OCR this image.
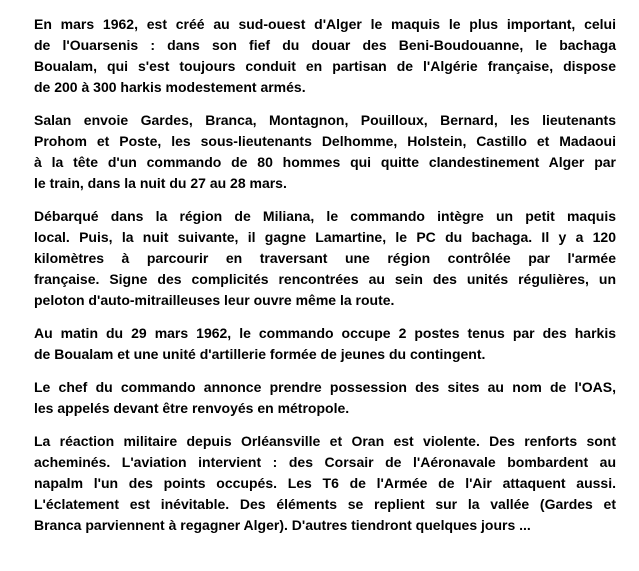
En mars 1962, est créé au sud-ouest d'Alger le maquis le plus important, celui
de l'Ouarsenis : dans son fief du douar des Beni-Boudouanne, le bachaga
Boualam, qui s'est toujours conduit en partisan de l'Algérie française, dispose
de 200 à 300 harkis modestement armés.

Salan envoie Gardes, Branca, Montagnon, Pouilloux, Bernard, les lieutenants
Prohom et Poste, les sous-lieutenants Delhomme, Holstein, Castillo et Madaoui
à la tête d'un commando de 80 hommes qui quitte clandestinement Alger par
le train, dans la nuit du 27 au 28 mars.

Débarqué dans la région de Miliana, le commando intègre un petit maquis
local. Puis, la nuit suivante, il gagne Lamartine, le PC du bachaga. Il y a 120
kilomètres à parcourir en traversant une région contrôlée par l'armée
française. Signe des complicités rencontrées au sein des unités régulières, un
peloton d'auto-mitrailleuses leur ouvre même la route.

Au matin du 29 mars 1962, le commando occupe 2 postes tenus par des harkis
de Boualam et une unité d'artillerie formée de jeunes du contingent.

Le chef du commando annonce prendre possession des sites au nom de l'OAS,
les appelés devant être renvoyés en métropole.

La réaction militaire depuis Orléansville et Oran est violente. Des renforts sont
acheminés. L'aviation intervient : des Corsair de l'Aéronavale bombardent au
napalm l'un des points occupés. Les T6 de l'Armée de l'Air attaquent aussi.
L'éclatement est inévitable. Des éléments se replient sur la vallée (Gardes et
Branca parviennent à regagner Alger). D'autres tiendront quelques jours ...
